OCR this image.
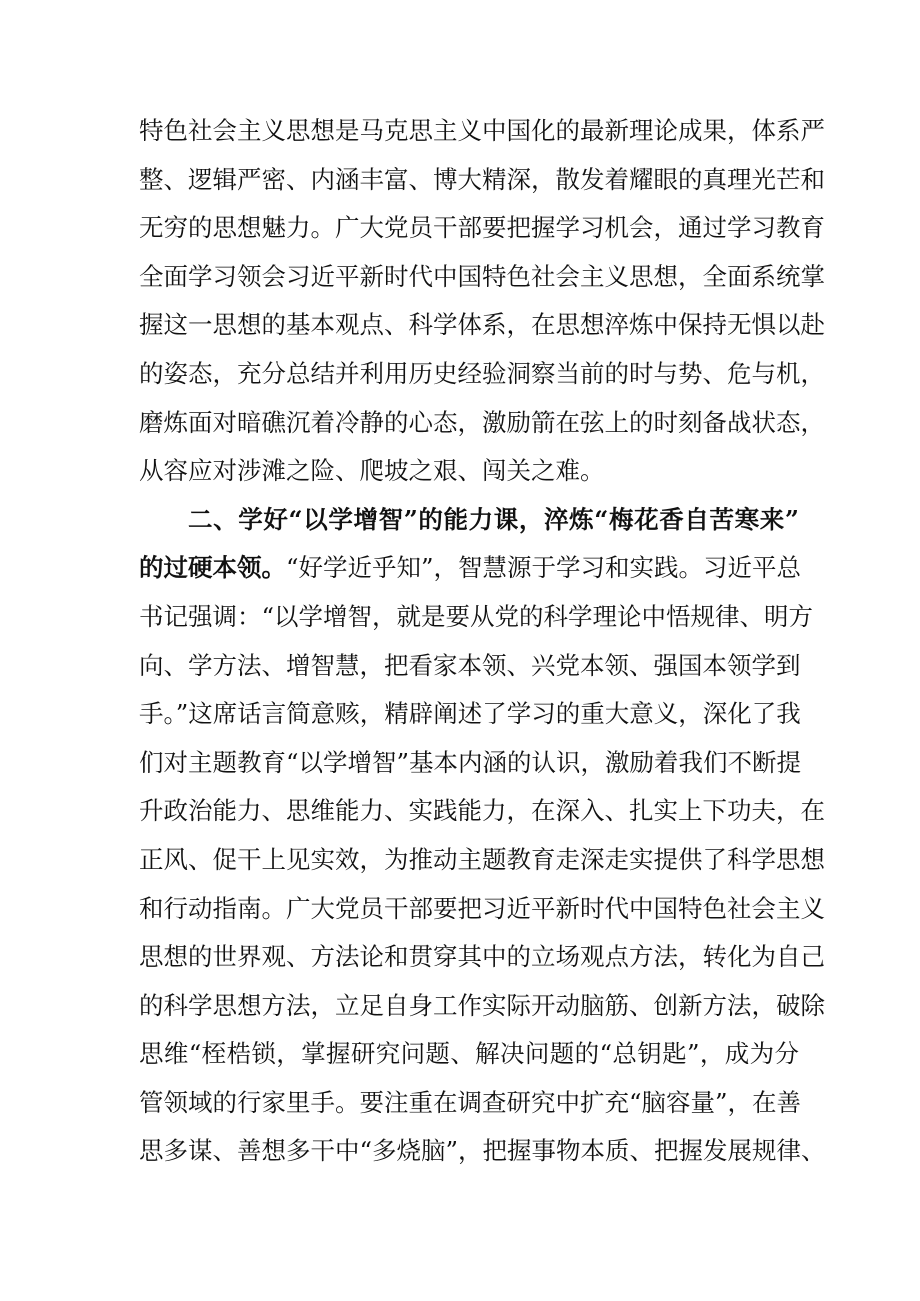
特色社会主义思想是马克思主义中国化的最新理论成果，体系严
整、逻辑严密、内涵丰富、博大精深，散发着耀眼的真理光芒和
无穷的思想魅力。广大党员干部要把握学习机会，通过学习教育
全面学习领会习近平新时代中国特色社会主义思想，全面系统掌
握这一思想的基本观点、科学体系，在思想淬炼中保持无惧以赴
的姿态，充分总结并利用历史经验洞察当前的时与势、危与机，
磨炼面对暗礁沉着冷静的心态，激励箭在弦上的时刻备战状态，
从容应对涉滩之险、爬坡之艰、闯关之难。
二、学好“以学增智”的能力课，淬炼“梅花香自苦寒来”
的过硬本领。“好学近乎知”，智慧源于学习和实践。习近平总
书记强调：“以学增智，就是要从党的科学理论中悟规律、明方
向、学方法、增智慧，把看家本领、兴党本领、强国本领学到
手。”这席话言简意赅，精辟阐述了学习的重大意义，深化了我
们对主题教育“以学增智”基本内涵的认识，激励着我们不断提
升政治能力、思维能力、实践能力，在深入、扎实上下功夫，在
正风、促干上见实效，为推动主题教育走深走实提供了科学思想
和行动指南。广大党员干部要把习近平新时代中国特色社会主义
思想的世界观、方法论和贯穿其中的立场观点方法，转化为自己
的科学思想方法，立足自身工作实际开动脑筋、创新方法，破除
思维“桎梏锁，掌握研究问题、解决问题的“总钥匙”，成为分
管领域的行家里手。要注重在调查研究中扩充“脑容量”，在善
思多谋、善想多干中“多烧脑”，把握事物本质、把握发展规律、
